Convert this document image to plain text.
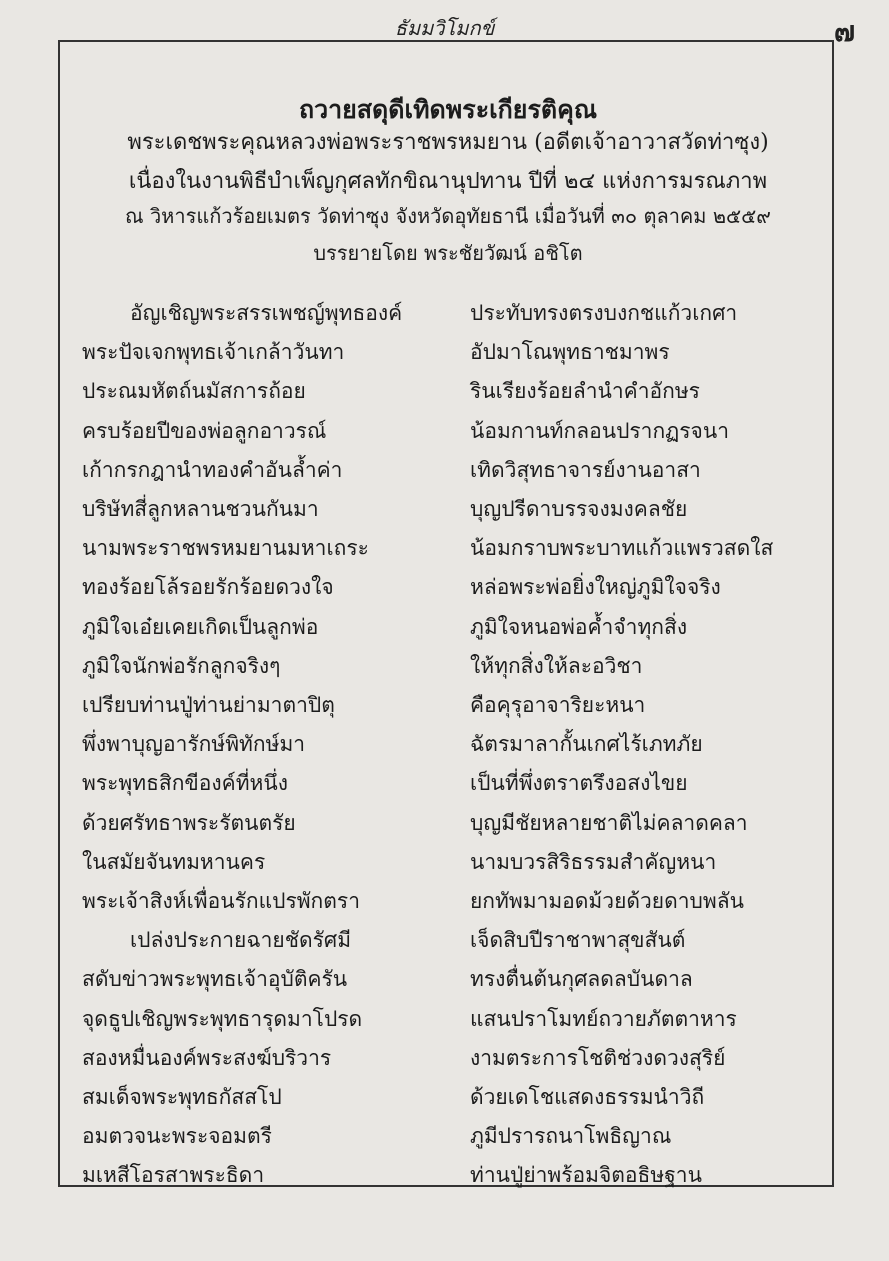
๗
ธัมมวิโมกข์
ถวายสดุดีเทิดพระเกียรติคุณ
พระเดชพระคุณหลวงพ่อพระราชพรหมยาน (อดีตเจ้าอาวาสวัดท่าซุง)
เนื่องในงานพิธีบำเพ็ญกุศลทักขิณานุปทาน ปีที่ ๒๔ แห่งการมรณภาพ
ณ วิหารแก้วร้อยเมตร วัดท่าซุง จังหวัดอุทัยธานี เมื่อวันที่ ๓๐ ตุลาคม ๒๕๕๙
บรรยายโดย พระชัยวัฒน์ อชิโต
อัญเชิญพระสรรเพชญ์พุทธองค์	ประทับทรงตรงบงกชแก้วเกศา
พระปัจเจกพุทธเจ้าเกล้าวันทา	อัปมาโณพุทธาชมาพร
ประณมหัตถ์นมัสการถ้อย	รินเรียงร้อยลำนำคำอักษร
ครบร้อยปีของพ่อลูกอาวรณ์	น้อมกานท์กลอนปรากฏรจนา
เก้ากรกฎานำทองคำอันล้ำค่า	เทิดวิสุทธาจารย์งานอาสา
บริษัทสี่ลูกหลานชวนกันมา	บุญปรีดาบรรจงมงคลชัย
นามพระราชพรหมยานมหาเถระ	น้อมกราบพระบาทแก้วแพรวสดใส
ทองร้อยโล้รอยรักร้อยดวงใจ	หล่อพระพ่อยิ่งใหญ่ภูมิใจจริง
ภูมิใจเอ๋ยเคยเกิดเป็นลูกพ่อ	ภูมิใจหนอพ่อค้ำจำทุกสิ่ง
ภูมิใจนักพ่อรักลูกจริงๆ	ให้ทุกสิ่งให้ละอวิชา
เปรียบท่านปู่ท่านย่ามาตาปิตุ	คือคุรุอาจาริยะหนา
พึ่งพาบุญอารักษ์พิทักษ์มา	ฉัตรมาลากั้นเกศไร้เภทภัย
พระพุทธสิกขีองค์ที่หนึ่ง	เป็นที่พึ่งตราตรึงอสงไขย
ด้วยศรัทธาพระรัตนตรัย	บุญมีชัยหลายชาติไม่คลาดคลา
ในสมัยจันทมหานคร	นามบวรสิริธรรมสำคัญหนา
พระเจ้าสิงห์เพื่อนรักแปรพักตรา	ยกทัพมามอดม้วยด้วยดาบพลัน
เปล่งประกายฉายชัดรัศมี	เจ็ดสิบปีราชาพาสุขสันต์
สดับข่าวพระพุทธเจ้าอุบัติครัน	ทรงตื่นต้นกุศลดลบันดาล
จุดธูปเชิญพระพุทธารุดมาโปรด	แสนปราโมทย์ถวายภัตตาหาร
สองหมื่นองค์พระสงฆ์บริวาร	งามตระการโชติช่วงดวงสุริย์
สมเด็จพระพุทธกัสสโป	ด้วยเดโชแสดงธรรมนำวิถี
อมตวจนะพระจอมตรี	ภูมีปรารถนาโพธิญาณ
มเหสีโอรสาพระธิดา	ท่านปู่ย่าพร้อมจิตอธิษฐาน
